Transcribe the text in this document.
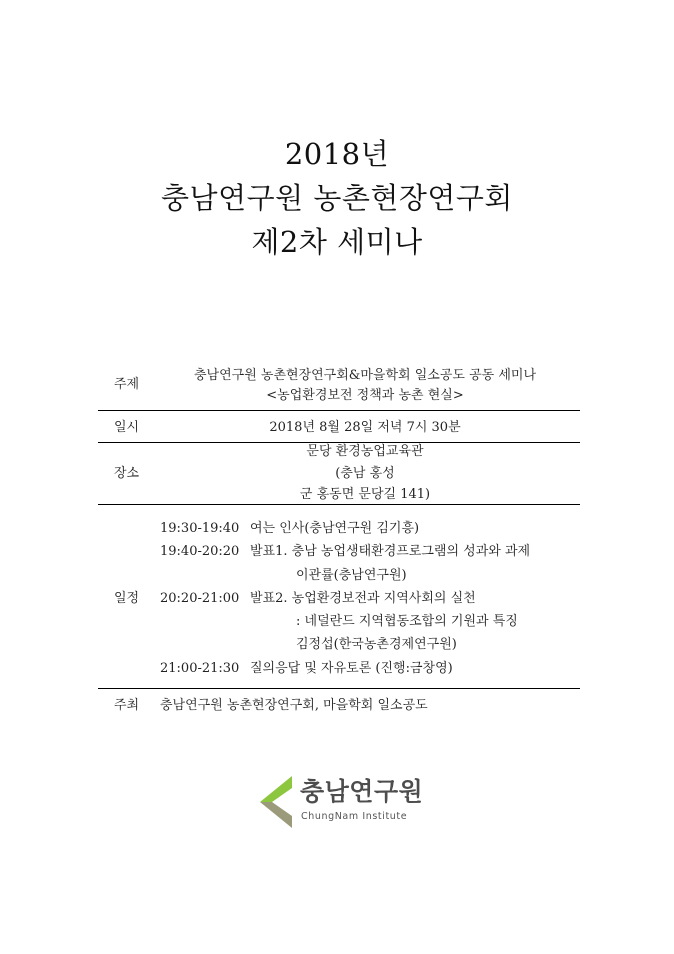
2018년
충남연구원 농촌현장연구회
제2차 세미나
주제
충남연구원 농촌현장연구회&마을학회 일소공도 공동 세미나
<농업환경보전 정책과 농촌 현실>
일시	2018년 8월 28일 저녁 7시 30분
장소
문당 환경농업교육관
(충남 홍성
군 홍동면 문당길 141)
일정
19:30-19:40 여는 인사(충남연구원 김기흥)
19:40-20:20 발표1. 충남 농업생태환경프로그램의 성과와 과제
이관률(충남연구원)
20:20-21:00 발표2. 농업환경보전과 지역사회의 실천
: 네덜란드 지역협동조합의 기원과 특징
김정섭(한국농촌경제연구원)
21:00-21:30 질의응답 및 자유토론 (진행:금창영)
주최 충남연구원 농촌현장연구회, 마을학회 일소공도
충남연구원
ChungNam Institute
